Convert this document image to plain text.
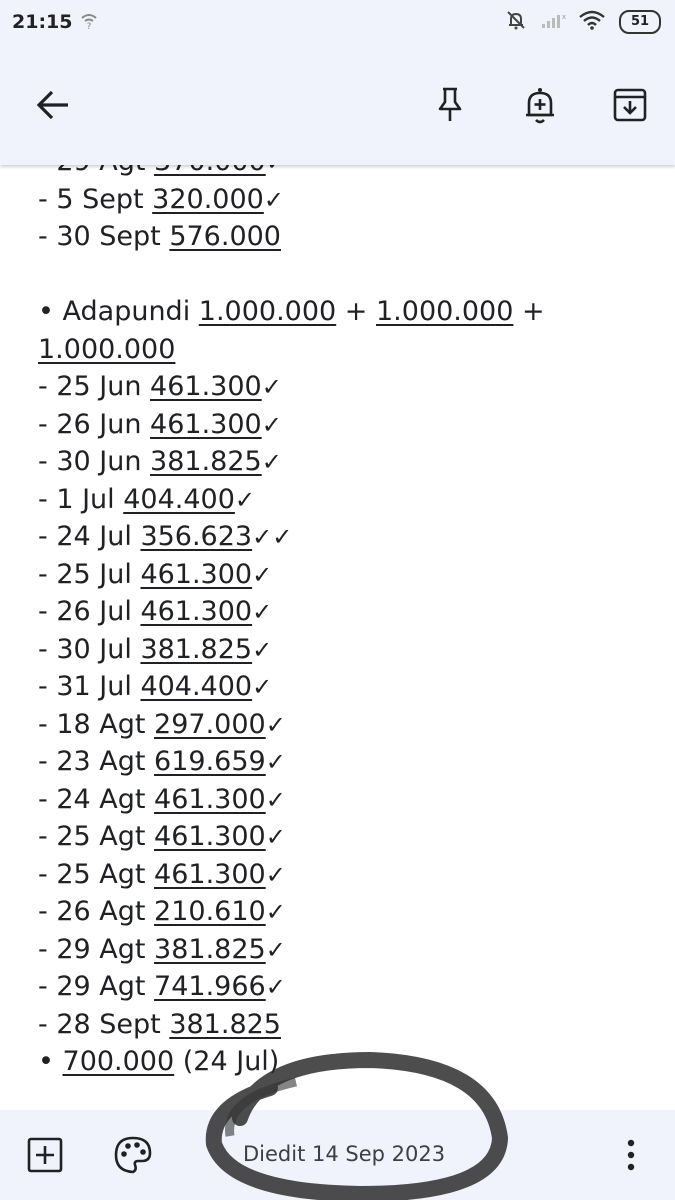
21:15 ?
x	51
- 5 Sept 320.000✓
- 30 Sept 576.000
• Adapundi 1.000.000 + 1.000.000 +
1.000.000
- 25 Jun 461.300✓
- 26 Jun 461.300✓
- 30 Jun 381.825✓
- 1 Jul 404.400✓
- 24 Jul 356.623✓✓
- 25 Jul 461.300✓
- 26 Jul 461.300✓
- 30 Jul 381.825✓
- 31 Jul 404.400✓
- 18 Agt 297.000✓
- 23 Agt 619.659✓
- 24 Agt 461.300✓
- 25 Agt 461.300✓
- 25 Agt 461.300✓
- 26 Agt 210.610✓
- 29 Agt 381.825✓
- 29 Agt 741.966✓
- 28 Sept 381.825
• 700.000 (24 Jul)
Diedit 14 Sep 2023
